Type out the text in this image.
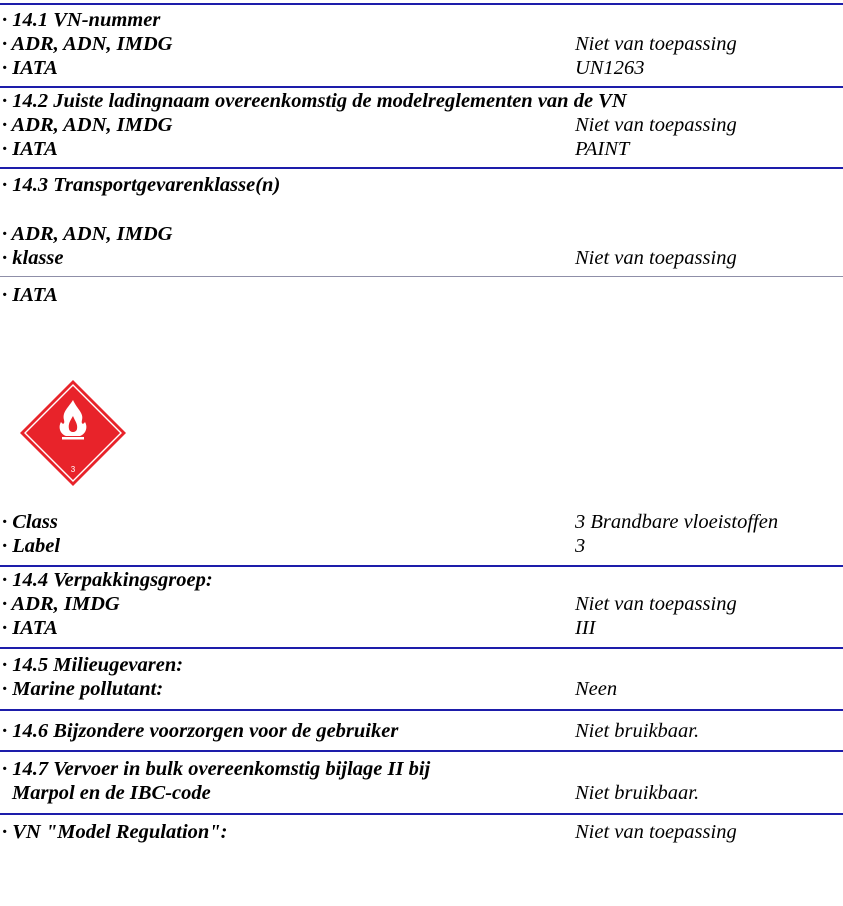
· 14.1 VN-nummer
· ADR, ADN, IMDG	Niet van toepassing
· IATA	UN1263
· 14.2 Juiste ladingnaam overeenkomstig de modelreglementen van de VN
· ADR, ADN, IMDG	Niet van toepassing
· IATA	PAINT
· 14.3 Transportgevarenklasse(n)
· ADR, ADN, IMDG
· klasse	Niet van toepassing
· IATA
3
· Class	3 Brandbare vloeistoffen
· Label	3
· 14.4 Verpakkingsgroep:
· ADR, IMDG	Niet van toepassing
· IATA	III
· 14.5 Milieugevaren:
· Marine pollutant:	Neen
· 14.6 Bijzondere voorzorgen voor de gebruiker	Niet bruikbaar.
· 14.7 Vervoer in bulk overeenkomstig bijlage II bij
Marpol en de IBC-code	Niet bruikbaar.
· VN "Model Regulation":	Niet van toepassing
